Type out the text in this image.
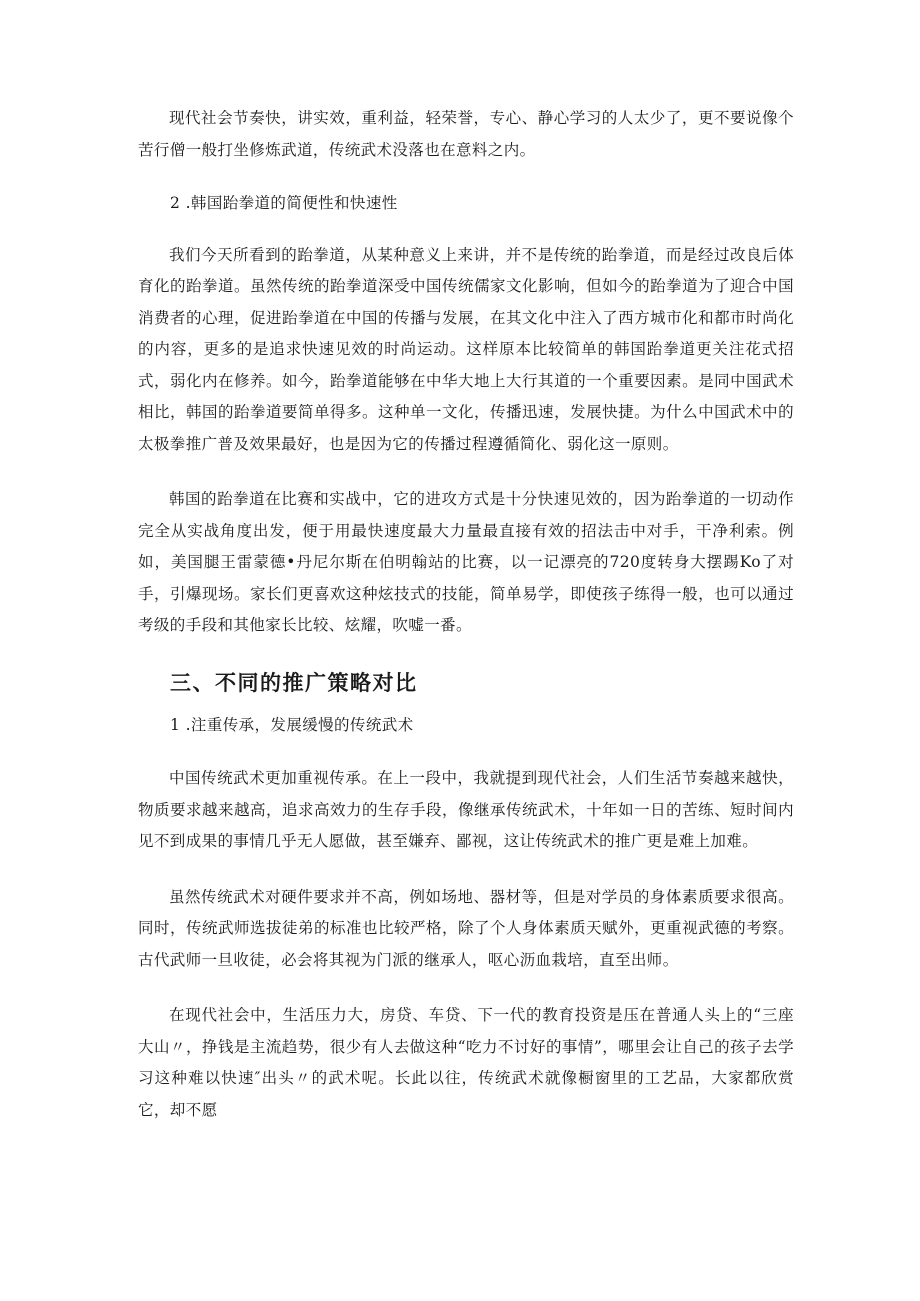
现代社会节奏快，讲实效，重利益，轻荣誉，专心、静心学习的人太少了，更不要说像个苦行僧一般打坐修炼武道，传统武术没落也在意料之内。

2 .韩国跆拳道的简便性和快速性

我们今天所看到的跆拳道，从某种意义上来讲，并不是传统的跆拳道，而是经过改良后体育化的跆拳道。虽然传统的跆拳道深受中国传统儒家文化影响，但如今的跆拳道为了迎合中国消费者的心理，促进跆拳道在中国的传播与发展，在其文化中注入了西方城市化和都市时尚化的内容，更多的是追求快速见效的时尚运动。这样原本比较简单的韩国跆拳道更关注花式招式，弱化内在修养。如今，跆拳道能够在中华大地上大行其道的一个重要因素。是同中国武术相比，韩国的跆拳道要简单得多。这种单一文化，传播迅速，发展快捷。为什么中国武术中的太极拳推广普及效果最好，也是因为它的传播过程遵循简化、弱化这一原则。

韩国的跆拳道在比赛和实战中，它的进攻方式是十分快速见效的，因为跆拳道的一切动作完全从实战角度出发，便于用最快速度最大力量最直接有效的招法击中对手，干净利索。例如，美国腿王雷蒙德•丹尼尔斯在伯明翰站的比赛，以一记漂亮的720度转身大摆踢Ko了对手，引爆现场。家长们更喜欢这种炫技式的技能，简单易学，即使孩子练得一般，也可以通过考级的手段和其他家长比较、炫耀，吹嘘一番。

三、不同的推广策略对比

1 .注重传承，发展缓慢的传统武术

中国传统武术更加重视传承。在上一段中，我就提到现代社会，人们生活节奏越来越快，物质要求越来越高，追求高效力的生存手段，像继承传统武术，十年如一日的苦练、短时间内见不到成果的事情几乎无人愿做，甚至嫌弃、鄙视，这让传统武术的推广更是难上加难。

虽然传统武术对硬件要求并不高，例如场地、器材等，但是对学员的身体素质要求很高。同时，传统武师选拔徒弟的标准也比较严格，除了个人身体素质天赋外，更重视武德的考察。古代武师一旦收徒，必会将其视为门派的继承人，呕心沥血栽培，直至出师。

在现代社会中，生活压力大，房贷、车贷、下一代的教育投资是压在普通人头上的“三座大山〃，挣钱是主流趋势，很少有人去做这种“吃力不讨好的事情”，哪里会让自己的孩子去学习这种难以快速″出头〃的武术呢。长此以往，传统武术就像橱窗里的工艺品，大家都欣赏它，却不愿
